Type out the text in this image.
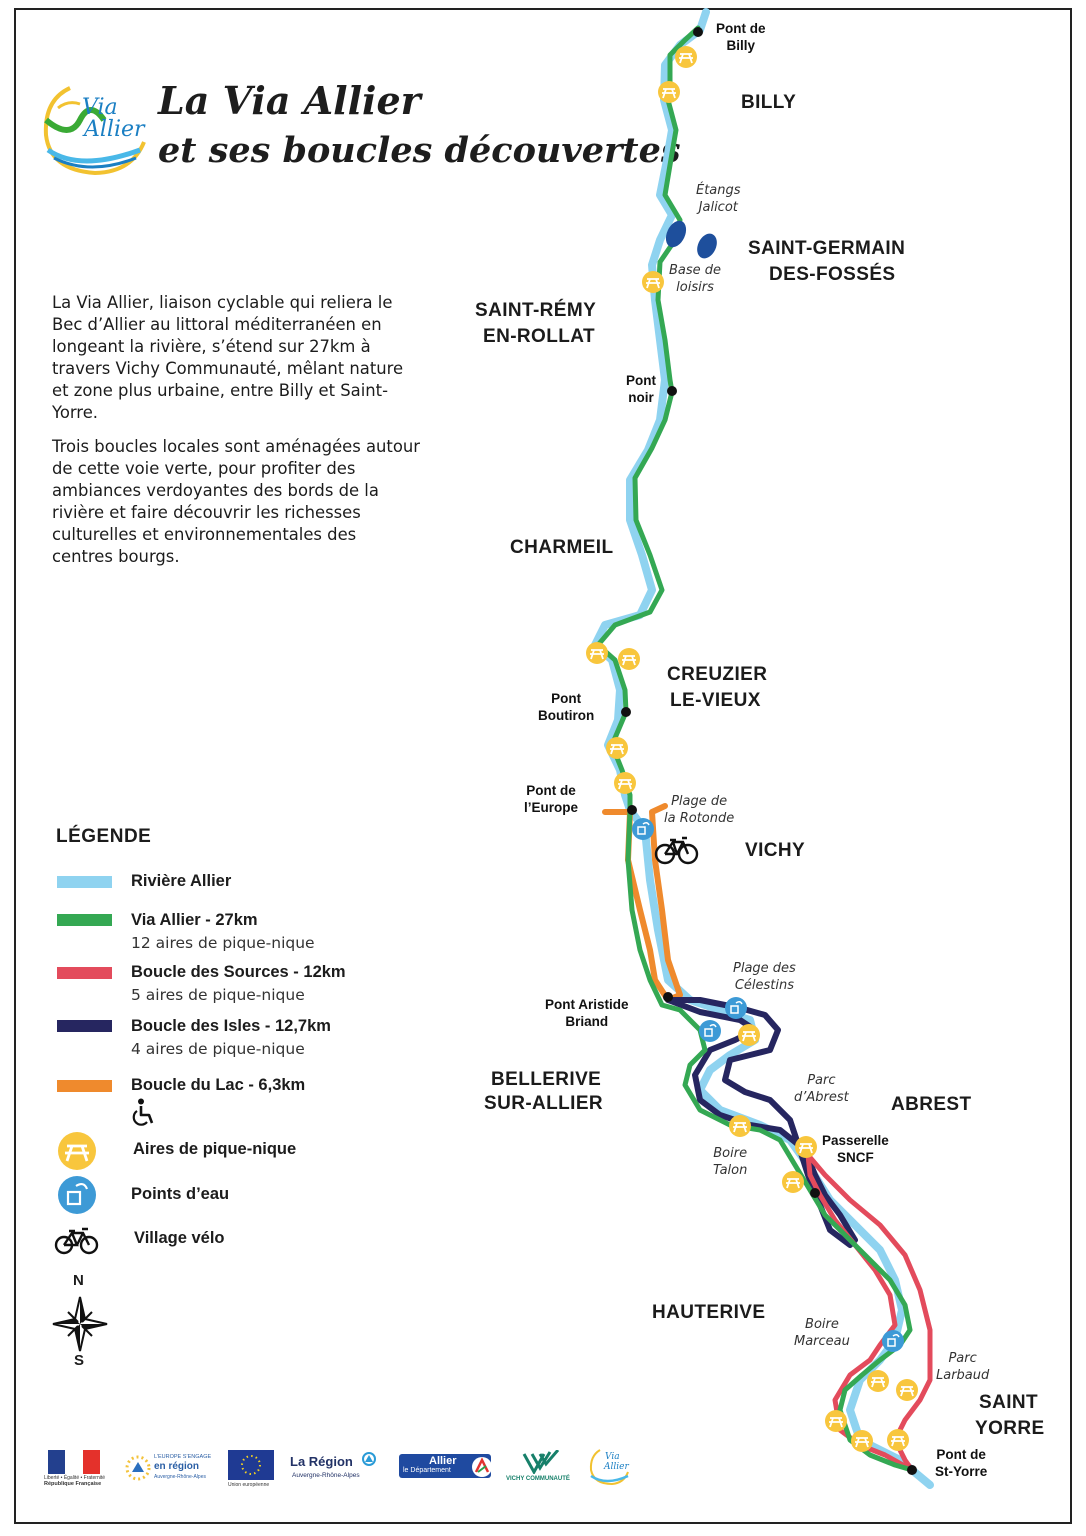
Via
Allier
La Via Allier
et ses boucles découvertes

La Via Allier, liaison cyclable qui reliera le Bec d’Allier au littoral méditerranéen en longeant la rivière, s’étend sur 27km à travers Vichy Communauté, mêlant nature et zone plus urbaine, entre Billy et Saint-Yorre.

Trois boucles locales sont aménagées autour de cette voie verte, pour profiter des ambiances verdoyantes des bords de la rivière et faire découvrir les richesses culturelles et environnementales des centres bourgs.

BILLY
SAINT-GERMAIN
DES-FOSSÉS
SAINT-RÉMY
EN-ROLLAT
CHARMEIL
CREUZIER
LE-VIEUX
VICHY
BELLERIVE
SUR-ALLIER	ABREST
HAUTERIVE
SAINT
YORRE
Pont de
Billy
Pont
noir
Pont
Boutiron
Pont de
l’Europe
Pont Aristide
Briand
Passerelle
SNCF
Pont de
St-Yorre
Étangs
Jalicot
Base de
loisirs
Plage de
la Rotonde
Plage des
Célestins
Parc
d’Abrest
Boire
Talon
Boire
Marceau
Parc
Larbaud
LÉGENDE
Rivière Allier
Via Allier - 27km
12 aires de pique-nique
Boucle des Sources - 12km
5 aires de pique-nique
Boucle des Isles - 12,7km
4 aires de pique-nique
Boucle du Lac - 6,3km
Aires de pique-nique
Points d’eau
Village vélo
N
S
Liberté • Égalité • Fraternité
République Française
L’EUROPE S’ENGAGE
en région
Auvergne-Rhône-Alpes
Union européenne
La Région
Auvergne-Rhône-Alpes
Allier
le Département
VICHY COMMUNAUTÉ
Via
Allier
